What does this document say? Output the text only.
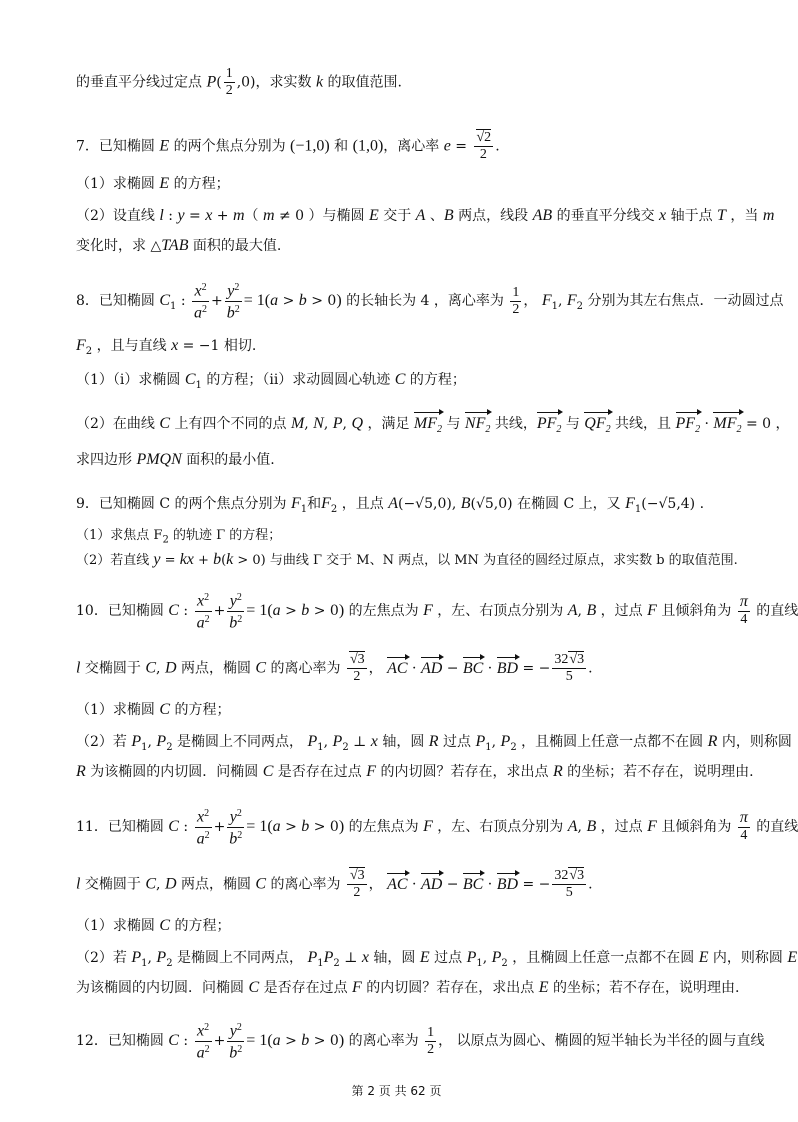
的垂直平分线过定点 $P( \frac{1}{2} ,0)$，求实数 k 的取值范围.
7．已知椭圆 E 的两个焦点分别为 (−1,0) 和 (1,0)，离心率 $e = \frac{√2}{2}$ .
（1）求椭圆 E 的方程；
（2）设直线 l : y = x + m（ m ≠ 0 ）与椭圆 E 交于 A 、B 两点，线段 AB 的垂直平分线交 x 轴于点 T ，当 m
变化时，求 △TAB 面积的最大值.
8．已知椭圆 $C_1$ : $\frac{x^2}{a^2} + \frac{y^2}{b^2} = 1(a > b > 0)$ 的长轴长为 4 ，离心率为 $\frac{1}{2}$ ， $F_1$, $F_2$ 分别为其左右焦点．一动圆过点
$F_2$ ，且与直线 x = −1 相切.
（1）（ⅰ）求椭圆 $C_1$ 的方程；（ⅱ）求动圆圆心轨迹 C 的方程；
（2）在曲线 C 上有四个不同的点 M, N, P, Q ，满足 $MF_2$ 与 $NF_2$ 共线，$PF_2$ 与 $QF_2$ 共线，且 $PF_2 \cdot MF_2 = 0$ ，
求四边形 PMQN 面积的最小值.
9．已知椭圆 C 的两个焦点分别为 $F_1$和$F_2$ ，且点 A(−√5,0), B(√5,0) 在椭圆 C 上，又 $F_1(-√5,4)$ .
（1）求焦点 $F_2$ 的轨迹 Γ 的方程；
（2）若直线 y = kx + b(k > 0) 与曲线 Γ 交于 M、N 两点，以 MN 为直径的圆经过原点，求实数 b 的取值范围.
10．已知椭圆 C : $\frac{x^2}{a^2} + \frac{y^2}{b^2} = 1(a > b > 0)$ 的左焦点为 F ，左、右顶点分别为 A, B ，过点 F 且倾斜角为 $\frac{\pi}{4}$ 的直线
l 交椭圆于 C, D 两点，椭圆 C 的离心率为 $\frac{√3}{2}$ ， AC · AD − BC · BD = − $\frac{32√3}{5}$ .
（1）求椭圆 C 的方程；
（2）若 $P_1$, $P_2$ 是椭圆上不同两点， $P_1$, $P_2$ ⊥ x 轴，圆 R 过点 $P_1$, $P_2$ ，且椭圆上任意一点都不在圆 R 内，则称圆
R 为该椭圆的内切圆．问椭圆 C 是否存在过点 F 的内切圆？若存在，求出点 R 的坐标；若不存在，说明理由.
11．已知椭圆 C : $\frac{x^2}{a^2} + \frac{y^2}{b^2} = 1(a > b > 0)$ 的左焦点为 F ，左、右顶点分别为 A, B ，过点 F 且倾斜角为 $\frac{\pi}{4}$ 的直线
l 交椭圆于 C, D 两点，椭圆 C 的离心率为 $\frac{√3}{2}$ ， AC · AD − BC · BD = − $\frac{32√3}{5}$ .
（1）求椭圆 C 的方程；
（2）若 $P_1$, $P_2$ 是椭圆上不同两点， $P_1P_2$ ⊥ x 轴，圆 E 过点 $P_1$, $P_2$ ，且椭圆上任意一点都不在圆 E 内，则称圆 E
为该椭圆的内切圆．问椭圆 C 是否存在过点 F 的内切圆？若存在，求出点 E 的坐标；若不存在，说明理由.
12．已知椭圆 C : $\frac{x^2}{a^2} + \frac{y^2}{b^2} = 1(a > b > 0)$ 的离心率为 $\frac{1}{2}$ ， 以原点为圆心、椭圆的短半轴长为半径的圆与直线
第 2 页 共 62 页
